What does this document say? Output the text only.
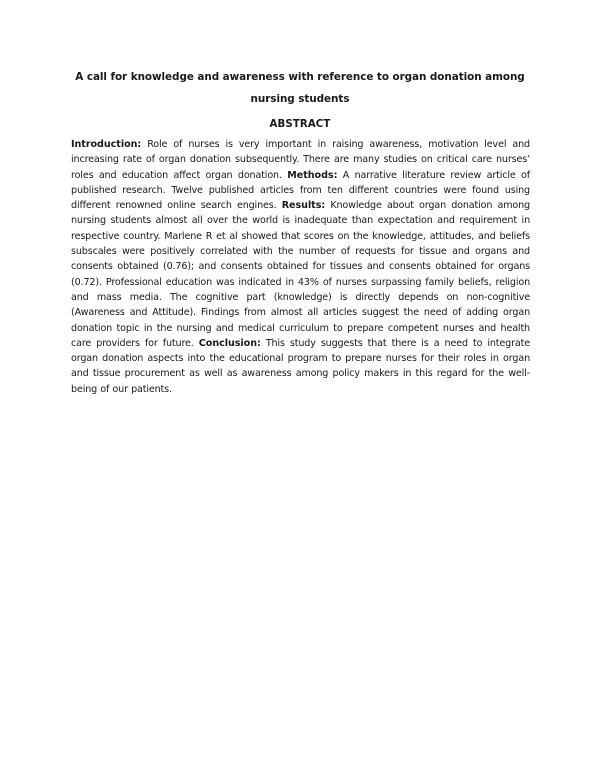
A call for knowledge and awareness with reference to organ donation among
nursing students
ABSTRACT
Introduction: Role of nurses is very important in raising awareness, motivation level and increasing rate of organ donation subsequently. There are many studies on critical care nurses’ roles and education affect organ donation. Methods: A narrative literature review article of published research. Twelve published articles from ten different countries were found using different renowned online search engines. Results: Knowledge about organ donation among nursing students almost all over the world is inadequate than expectation and requirement in respective country. Marlene R et al showed that scores on the knowledge, attitudes, and beliefs subscales were positively correlated with the number of requests for tissue and organs and consents obtained (0.76); and consents obtained for tissues and consents obtained for organs (0.72). Professional education was indicated in 43% of nurses surpassing family beliefs, religion and mass media. The cognitive part (knowledge) is directly depends on non-cognitive (Awareness and Attitude). Findings from almost all articles suggest the need of adding organ donation topic in the nursing and medical curriculum to prepare competent nurses and health care providers for future. Conclusion: This study suggests that there is a need to integrate organ donation aspects into the educational program to prepare nurses for their roles in organ and tissue procurement as well as awareness among policy makers in this regard for the well-being of our patients.
